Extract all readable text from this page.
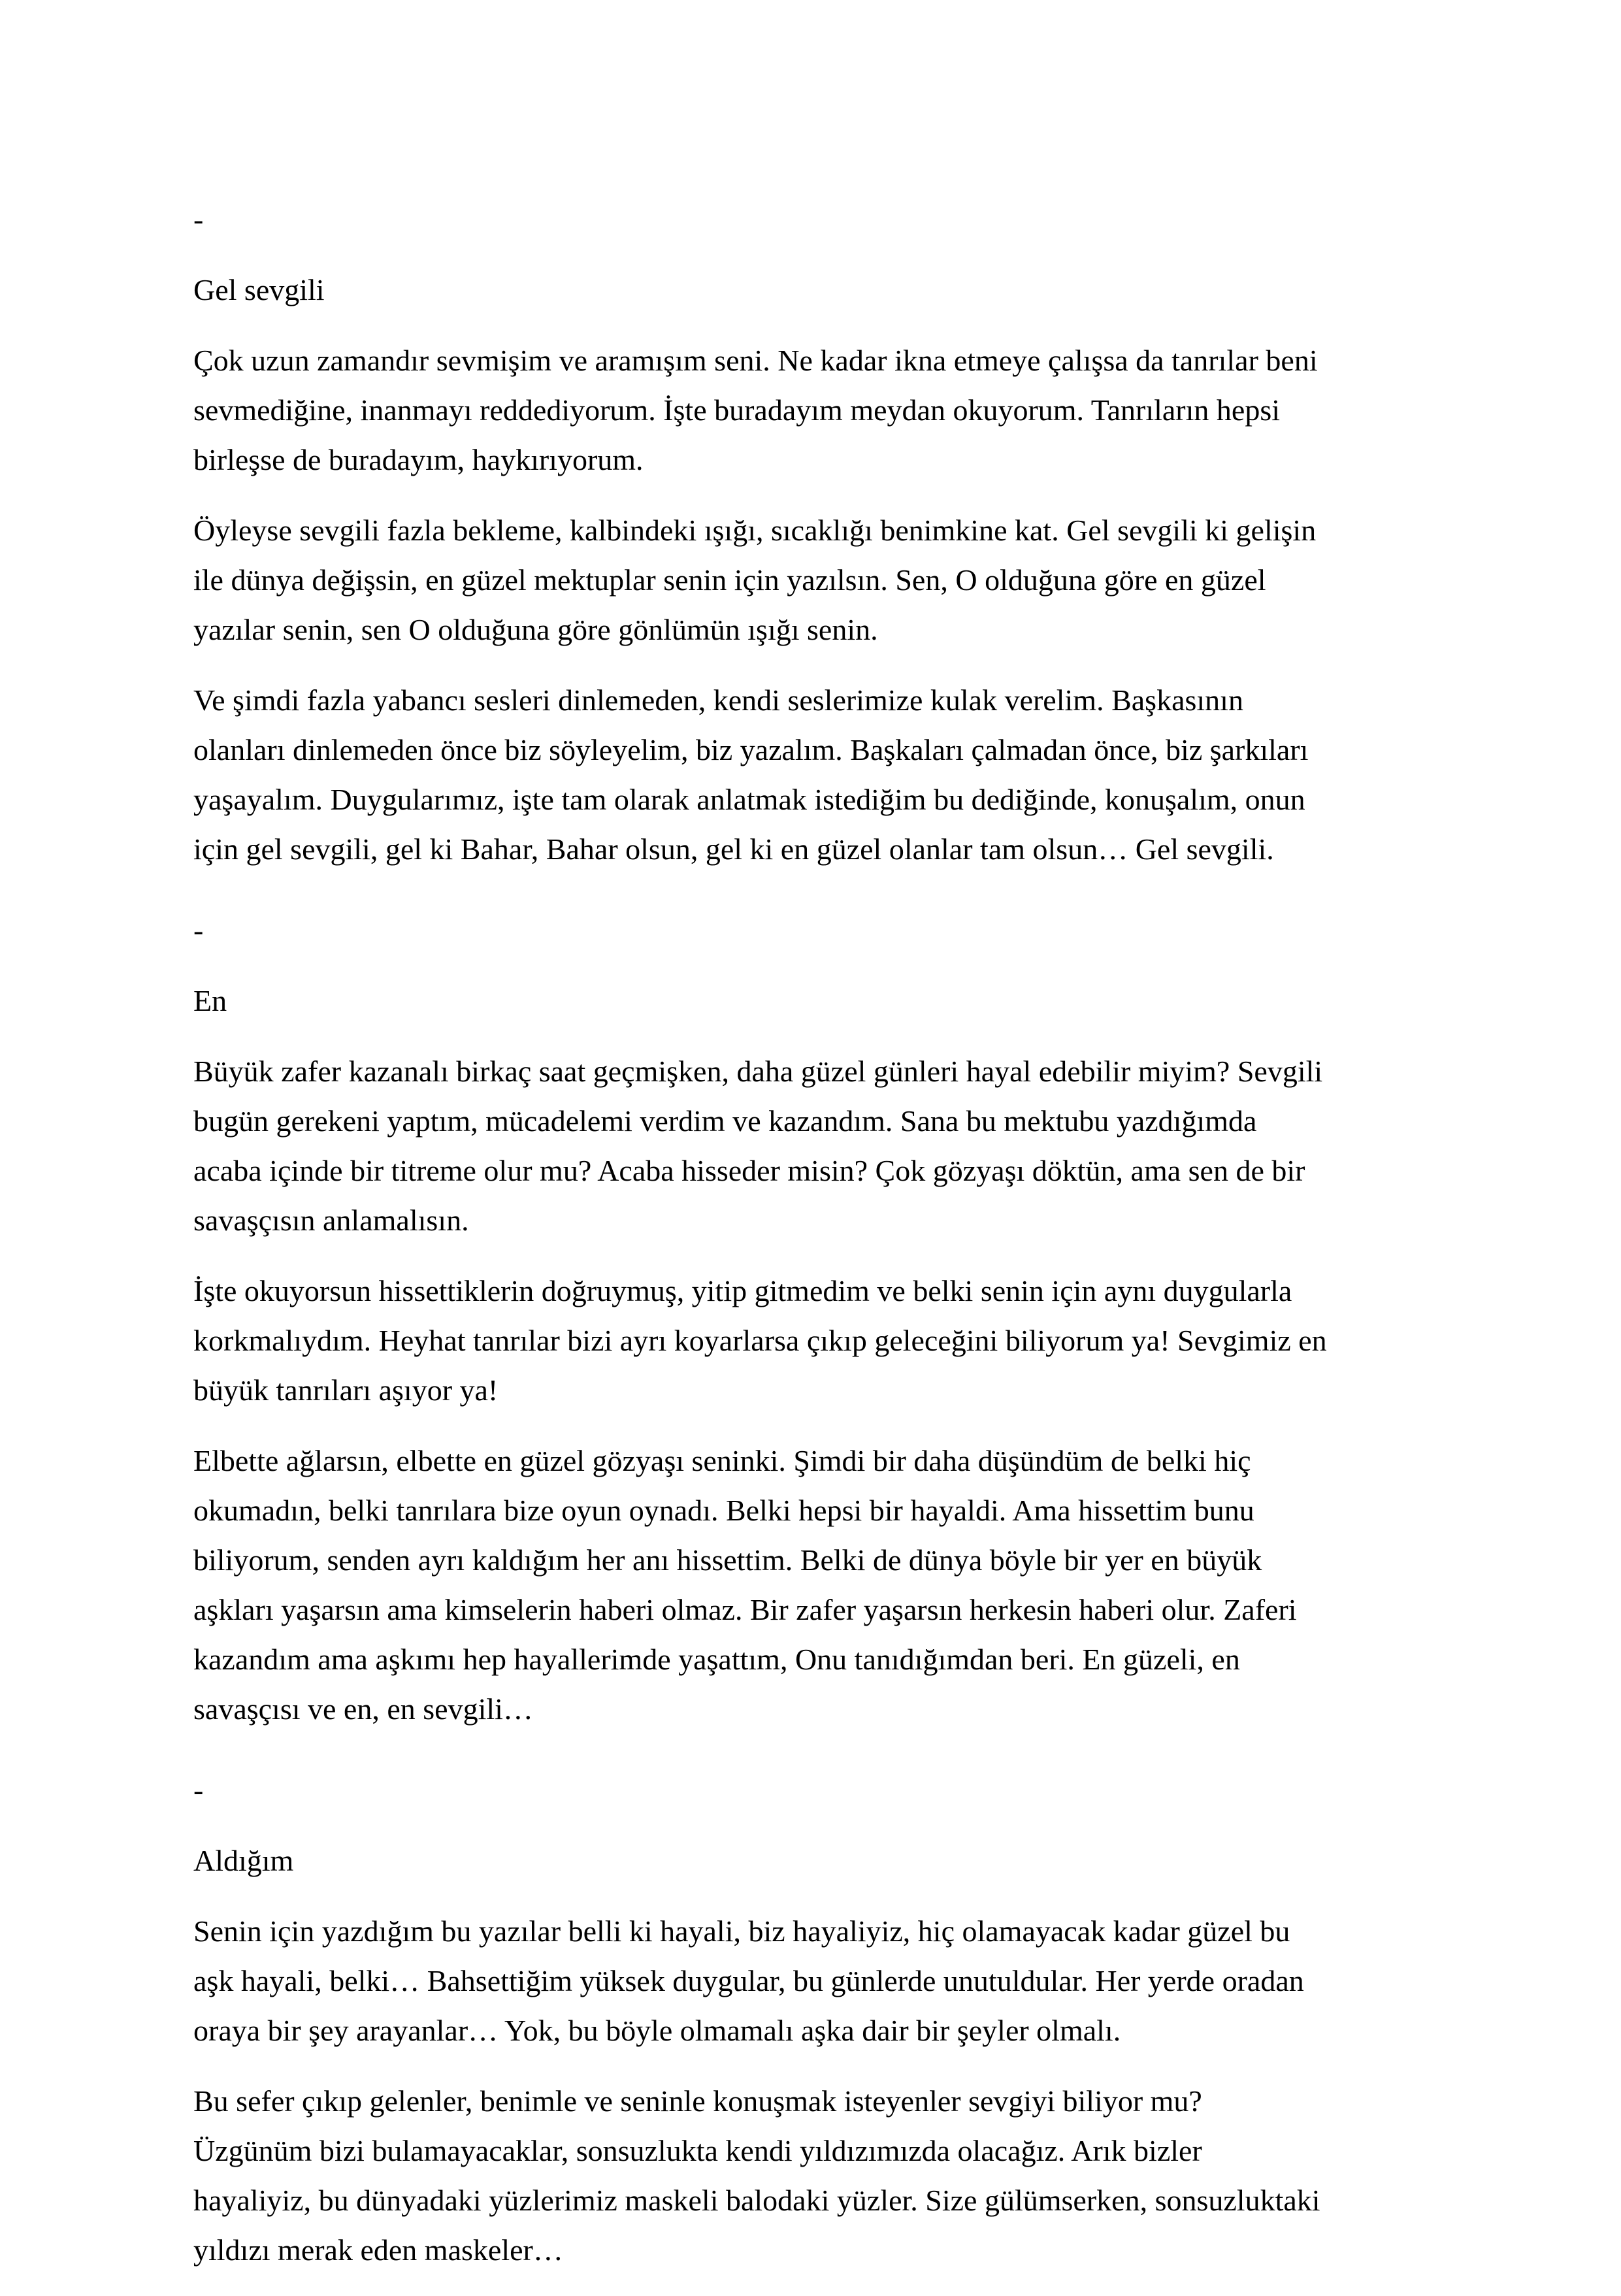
-
Gel sevgili

Çok uzun zamandır sevmişim ve aramışım seni. Ne kadar ikna etmeye çalışsa da tanrılar beni
sevmediğine, inanmayı reddediyorum. İşte buradayım meydan okuyorum. Tanrıların hepsi
birleşse de buradayım, haykırıyorum.

Öyleyse sevgili fazla bekleme, kalbindeki ışığı, sıcaklığı benimkine kat. Gel sevgili ki gelişin
ile dünya değişsin, en güzel mektuplar senin için yazılsın. Sen, O olduğuna göre en güzel
yazılar senin, sen O olduğuna göre gönlümün ışığı senin.

Ve şimdi fazla yabancı sesleri dinlemeden, kendi seslerimize kulak verelim. Başkasının
olanları dinlemeden önce biz söyleyelim, biz yazalım. Başkaları çalmadan önce, biz şarkıları
yaşayalım. Duygularımız, işte tam olarak anlatmak istediğim bu dediğinde, konuşalım, onun
için gel sevgili, gel ki Bahar, Bahar olsun, gel ki en güzel olanlar tam olsun… Gel sevgili.

-
En

Büyük zafer kazanalı birkaç saat geçmişken, daha güzel günleri hayal edebilir miyim? Sevgili
bugün gerekeni yaptım, mücadelemi verdim ve kazandım. Sana bu mektubu yazdığımda
acaba içinde bir titreme olur mu? Acaba hisseder misin? Çok gözyaşı döktün, ama sen de bir
savaşçısın anlamalısın.

İşte okuyorsun hissettiklerin doğruymuş, yitip gitmedim ve belki senin için aynı duygularla
korkmalıydım. Heyhat tanrılar bizi ayrı koyarlarsa çıkıp geleceğini biliyorum ya! Sevgimiz en
büyük tanrıları aşıyor ya!

Elbette ağlarsın, elbette en güzel gözyaşı seninki. Şimdi bir daha düşündüm de belki hiç
okumadın, belki tanrılara bize oyun oynadı. Belki hepsi bir hayaldi. Ama hissettim bunu
biliyorum, senden ayrı kaldığım her anı hissettim. Belki de dünya böyle bir yer en büyük
aşkları yaşarsın ama kimselerin haberi olmaz. Bir zafer yaşarsın herkesin haberi olur. Zaferi
kazandım ama aşkımı hep hayallerimde yaşattım, Onu tanıdığımdan beri. En güzeli, en
savaşçısı ve en, en sevgili…

-
Aldığım

Senin için yazdığım bu yazılar belli ki hayali, biz hayaliyiz, hiç olamayacak kadar güzel bu
aşk hayali, belki… Bahsettiğim yüksek duygular, bu günlerde unutuldular. Her yerde oradan
oraya bir şey arayanlar… Yok, bu böyle olmamalı aşka dair bir şeyler olmalı.

Bu sefer çıkıp gelenler, benimle ve seninle konuşmak isteyenler sevgiyi biliyor mu?
Üzgünüm bizi bulamayacaklar, sonsuzlukta kendi yıldızımızda olacağız. Arık bizler
hayaliyiz, bu dünyadaki yüzlerimiz maskeli balodaki yüzler. Size gülümserken, sonsuzluktaki
yıldızı merak eden maskeler…
